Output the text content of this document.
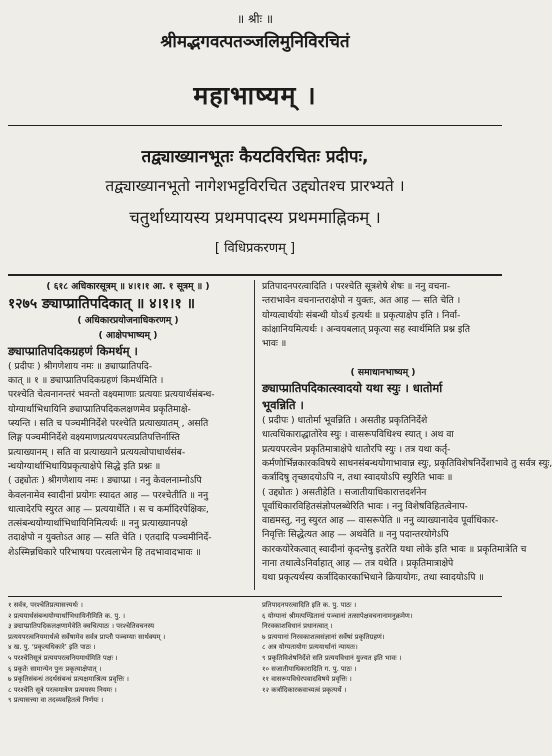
॥ श्रीः ॥
श्रीमद्भगवत्पतञ्जलिमुनिविरचितं
महाभाष्यम् ।
तद्व्याख्यानभूतः कैयटविरचितः प्रदीपः,
तद्व्याख्यानभूतो नागेशभट्टविरचित उद्द्योतश्च प्रारभ्यते ।
चतुर्थाध्यायस्य प्रथमपादस्य प्रथममाह्निकम् ।
[ विधिप्रकरणम् ]
( ६१८ अधिकारसूत्रम् ॥ ४।१।१ आ. १ सूत्रम् ॥ )
१२७५ ङ्याप्प्रातिपदिकात् ॥ ४।१।१ ॥
( अधिकारप्रयोजनाधिकरणम् )
( आक्षेपभाष्यम् )
ङ्याप्प्रातिपदिकग्रहणं किमर्थम् ।
( प्रदीपः ) श्रीगणेशाय नमः ॥ ङ्याप्प्रातिपदि-
कात् ॥ १ ॥ ङ्याप्प्रातिपदिकग्रहणं किमर्थमिति ।
परश्चेति चेत्वनानन्तरं भवन्तो वक्ष्यमाणाः प्रत्ययाः प्रत्ययार्थसंबन्ध-
योग्यार्थाभिधायिनि ङ्याप्प्रातिपदिकलक्षणमेव प्रकृतिमाक्षे-
प्स्यन्ति । सति च पञ्चमीनिर्देशे परश्चेति प्रत्याख्यातम् , असति
लिङ्ग पञ्चमीनिर्देशे वक्ष्यमाणप्रत्ययपरत्वप्रतिपत्तिर्नास्ति
प्रत्याख्यानम् । सति वा प्रत्याख्याने प्रत्ययत्वोपाधार्थसंब-
न्धयोग्यार्थाभिधायिप्रकृत्याक्षेपे सिद्धे इति प्रश्नः ॥
( उद्द्योतः ) श्रीगणेशाय नमः । ङ्याप्प्रा । ननु केवलनाम्नोऽपि
केवलनामेव स्वादीनां प्रयोगः स्यादत आह — परश्चेतीति ॥ ननु
धात्वादेरपि स्युरत आह — प्रत्ययार्थेति । स च कर्मादिरपेक्षिकः,
तत्संबन्धयोग्यार्थाभिधायिनिमित्यर्थः ॥ ननु प्रत्याख्यानपक्षे
तदाक्षेपो न युक्तोऽत आह — सति चेति । एतदादि पञ्चमीनिर्दे-
शेऽस्मिन्नधिकारे परिभाषया परत्वलाभेन हि तदभावादभावः ॥
प्रतिपादनपरत्वादिति । परश्चेति सूत्रशेषे शेषः ॥ ननु वचना-
न्तराभावेन वचनान्तराक्षेपो न युक्तः, अत आह — सति चेति ।
योग्यत्वार्थयोः संबन्धी योऽर्थ इत्यर्थः ॥ प्रकृत्याक्षेप इति । निर्वा-
कांक्षानियमित्यर्थः । अन्वयबलात् प्रकृत्या सह स्वार्थमिति प्रश्न इति
भावः ॥
( समाधानभाष्यम् )
ङ्याप्प्रातिपदिकात्स्वादयो यथा स्युः । धातोर्मा
भूवन्निति ।
( प्रदीपः ) धातोर्मा भूवन्निति । असतीह प्रकृतिनिर्देशे
धात्वधिकाराद्धातोरेव स्युः । वासरूपविधिश्च स्यात् । अथ वा
प्रत्ययपरत्वेन प्रकृतिमात्राक्षेपे धातोरपि स्युः । तत्र यथा कर्तृ-
कर्मणोर्भिन्नकारकविषये साधनसंबन्धयोगाभावान्न स्युः, प्रकृतिविशेषनिर्देशाभावे तु सर्वत्र स्युः,
कर्त्रादिषु तृच्छादयोऽपि न, तथा स्वादयोऽपि स्युरिति भावः ॥
( उद्द्योतः ) असतीहेति । सजातीयाधिकारात्तदर्शनेन
पूर्वाधिकारविहितसंज्ञोपलब्धेरिति भावः । ननु विशेषविहितत्वेनाप-
वाद्यमस्तु, ननु स्युरत आह — वासरूपेति ॥ ननु व्याख्यानादेव पूर्वाधिकार-
निवृत्तिः सिद्धेत्यत आह — अथवेति ॥ ननु पदान्तरयोगेऽपि
कारकयोरेकत्वात् स्वादीनां कृदन्तेषु इतरेति यथा लोके इति भावः ॥ प्रकृतिमात्रेति च
नाना तथात्वेऽनिर्वाहात् आह — तत्र यथेति । प्रकृतिमात्राक्षेपे
यथा प्रकृत्यर्थस्य कर्त्रादिकारकाभिधाने क्रियायोगः, तथा स्वादयोऽपि ॥
१ सर्वत्र, परश्चेतिप्रत्यासत्त्यर्थः ।
२ प्रत्ययार्थसंबन्धयोग्यार्थाभिधायिनीमिति क. पु. ।
३ ङ्याप्प्रातिपदिकलक्षणामेवेति क्वचित्पाठः । परश्चेतिवचनस्य
प्रत्ययपरत्वनियमार्थत्वे सर्वेषामेव सर्वत्र प्राप्तौ पञ्चम्याः सार्थक्यम् ।
४ ख. पु. ‘प्रकृत्यधिकारे’ इति पाठः ।
५ परश्चेतिसूत्रं प्रत्ययपरत्वनियमार्थमिति पक्षः ।
६ प्रकृतेः सामान्येन पुनः प्रकृत्याक्षेपात् ।
७ प्रकृतिसंबन्धं तदर्थसंबन्धं प्रत्यक्षमाश्रित्य प्रवृत्तिः ।
८ परश्चेति सूत्रे परत्वमात्रेण प्रत्ययस्य नियमः ।
९ प्रत्यासत्त्या वा तदव्यवहितत्वे निर्णयः ।
प्रतिपादनपरत्वादिति इति क. पु. पाठः ।
६ योग्यानां श्रीमत्पण्डितानां पञ्चानां तत्सापेक्षवचनानामनुक्रमेण।
निरवकाशविधानं प्रधानत्वात् ।
७ प्रत्ययानां निरवकाशत्वसंज्ञानां सर्वेषां प्रकृतिग्रहणं।
८ अत्र योग्यतायोगः प्रत्ययार्थानां न्यायतः।
९ प्रकृतिविशेषनिर्देशे सति प्रत्ययविधानं युज्यत इति भावः ।
१० सजातीयाधिकारादिति ग. पु. पाठः ।
११ वासरूपविधेरपवादविषये प्रवृत्तिः ।
१२ कर्त्रादिकारकवाच्यत्वं प्रकृत्यर्थे ।
